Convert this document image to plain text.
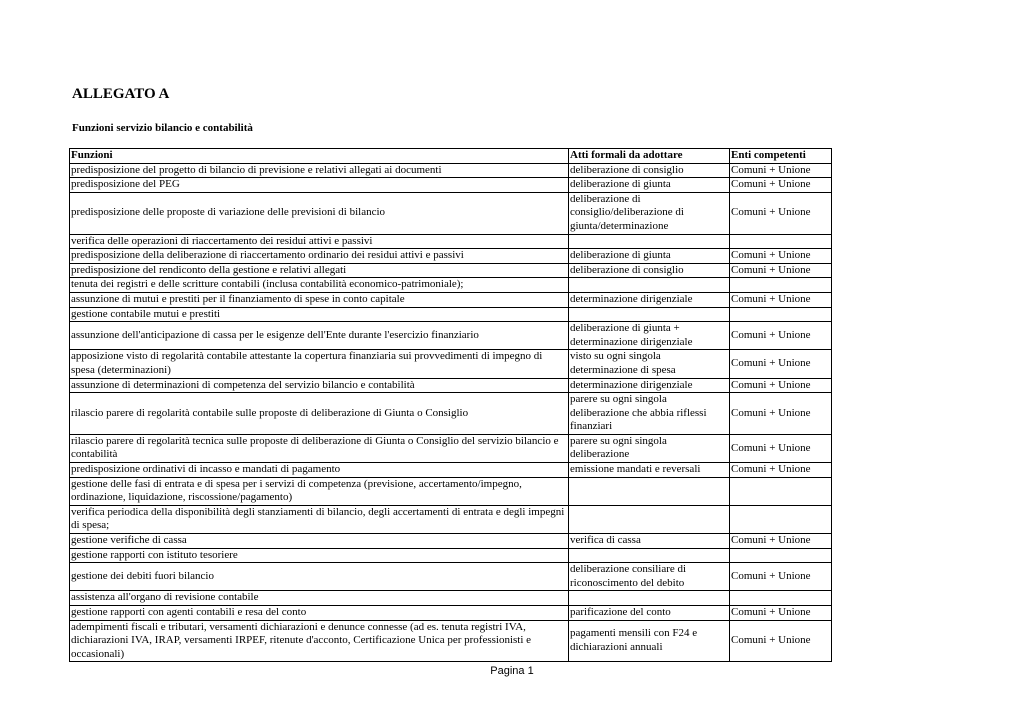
ALLEGATO A
Funzioni servizio bilancio e contabilità
Funzioni	Atti formali da adottare	Enti competenti
predisposizione del progetto di bilancio di previsione e relativi allegati ai documenti	deliberazione di consiglio	Comuni + Unione
predisposizione del PEG	deliberazione di giunta	Comuni + Unione
predisposizione delle proposte di variazione delle previsioni di bilancio	deliberazione di consiglio/deliberazione di giunta/determinazione	Comuni + Unione
verifica delle operazioni di riaccertamento dei residui attivi e passivi		
predisposizione della deliberazione di riaccertamento ordinario dei residui attivi e passivi	deliberazione di giunta	Comuni + Unione
predisposizione del rendiconto della gestione e relativi allegati	deliberazione di consiglio	Comuni + Unione
tenuta dei registri e delle scritture contabili (inclusa contabilità economico-patrimoniale);		
assunzione di mutui e prestiti per il finanziamento di spese in conto capitale	determinazione dirigenziale	Comuni + Unione
gestione contabile mutui e prestiti		
assunzione dell'anticipazione di cassa per le esigenze dell'Ente durante l'esercizio finanziario	deliberazione di giunta + determinazione dirigenziale	Comuni + Unione
apposizione visto di regolarità contabile attestante la copertura finanziaria sui provvedimenti di impegno di spesa (determinazioni)	visto su ogni singola determinazione di spesa	Comuni + Unione
assunzione di determinazioni di competenza del servizio bilancio e contabilità	determinazione dirigenziale	Comuni + Unione
rilascio parere di regolarità contabile sulle proposte di deliberazione di Giunta o Consiglio	parere su ogni singola deliberazione che abbia riflessi finanziari	Comuni + Unione
rilascio parere di regolarità tecnica sulle proposte di deliberazione di Giunta o Consiglio del servizio bilancio e contabilità	parere su ogni singola deliberazione	Comuni + Unione
predisposizione ordinativi di incasso e mandati di pagamento	emissione mandati e reversali	Comuni + Unione
gestione delle fasi di entrata e di spesa per i servizi di competenza (previsione, accertamento/impegno, ordinazione, liquidazione, riscossione/pagamento)		
verifica periodica della disponibilità degli stanziamenti di bilancio, degli accertamenti di entrata e degli impegni di spesa;		
gestione verifiche di cassa	verifica di cassa	Comuni + Unione
gestione rapporti con istituto tesoriere		
gestione dei debiti fuori bilancio	deliberazione consiliare di riconoscimento del debito	Comuni + Unione
assistenza all'organo di revisione contabile		
gestione rapporti con agenti contabili e resa del conto	parificazione del conto	Comuni + Unione
adempimenti fiscali e tributari, versamenti dichiarazioni e denunce connesse (ad es. tenuta registri IVA, dichiarazioni IVA, IRAP, versamenti IRPEF, ritenute d'acconto, Certificazione Unica per professionisti e occasionali)	pagamenti mensili con F24 e dichiarazioni annuali	Comuni + Unione
Pagina 1
